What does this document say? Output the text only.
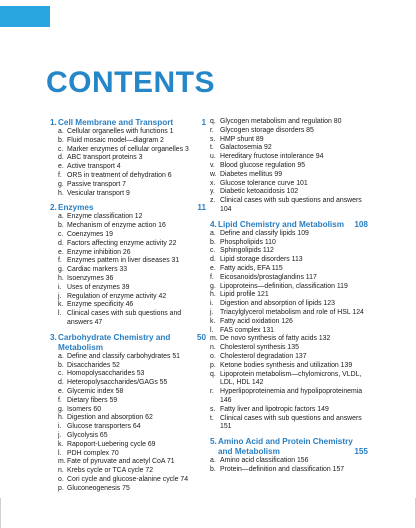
CONTENTS
1. Cell Membrane and Transport	1
a. Cellular organelles with functions 1
b. Fluid mosaic model—diagram 2
c. Marker enzymes of cellular organelles 3
d. ABC transport proteins 3
e. Active transport 4
f. ORS in treatment of dehydration 6
g. Passive transport 7
h. Vesicular transport 9
2. Enzymes	11
a. Enzyme classification 12
b. Mechanism of enzyme action 16
c. Coenzymes 19
d. Factors affecting enzyme activity 22
e. Enzyme inhibition 26
f. Enzymes pattern in liver diseases 31
g. Cardiac markers 33
h. Isoenzymes 36
i. Uses of enzymes 39
j. Regulation of enzyme activity 42
k. Enzyme specificity 46
l. Clinical cases with sub questions and answers 47
3. Carbohydrate Chemistry and Metabolism
50
a. Define and classify carbohydrates 51
b. Disaccharides 52
c. Homopolysaccharides 53
d. Heteropolysaccharides/GAGs 55
e. Glycemic index 58
f. Dietary fibers 59
g. Isomers 60
h. Digestion and absorption 62
i. Glucose transporters 64
j. Glycolysis 65
k. Rapoport-Luebering cycle 69
l. PDH complex 70
m. Fate of pyruvate and acetyl CoA 71
n. Krebs cycle or TCA cycle 72
o. Cori cycle and glucose-alanine cycle 74
p. Gluconeogenesis 75
q. Glycogen metabolism and regulation 80
r. Glycogen storage disorders 85
s. HMP shunt 89
t. Galactosemia 92
u. Hereditary fructose intolerance 94
v. Blood glucose regulation 95
w. Diabetes mellitus 99
x. Glucose tolerance curve 101
y. Diabetic ketoacidosis 102
z. Clinical cases with sub questions and answers 104
4. Lipid Chemistry and Metabolism 108
a. Define and classify lipids 109
b. Phospholipids 110
c. Sphingolipids 112
d. Lipid storage disorders 113
e. Fatty acids, EFA 115
f. Eicosanoids/prostaglandins 117
g. Lipoproteins—definition, classification 119
h. Lipid profile 121
i. Digestion and absorption of lipids 123
j. Triacylglycerol metabolism and role of HSL 124
k. Fatty acid oxidation 126
l. FAS complex 131
m. De novo synthesis of fatty acids 132
n. Cholesterol synthesis 135
o. Cholesterol degradation 137
p. Ketone bodies synthesis and utilization 139
q. Lipoprotein metabolism—chylomicrons, VLDL, LDL, HDL 142
r. Hyperlipoproteinemia and hypolipoproteinemia 146
s. Fatty liver and lipotropic factors 149
t. Clinical cases with sub questions and answers 151
5. Amino Acid and Protein Chemistry and Metabolism	155
a. Amino acid classification 156
b. Protein—definition and classification 157
